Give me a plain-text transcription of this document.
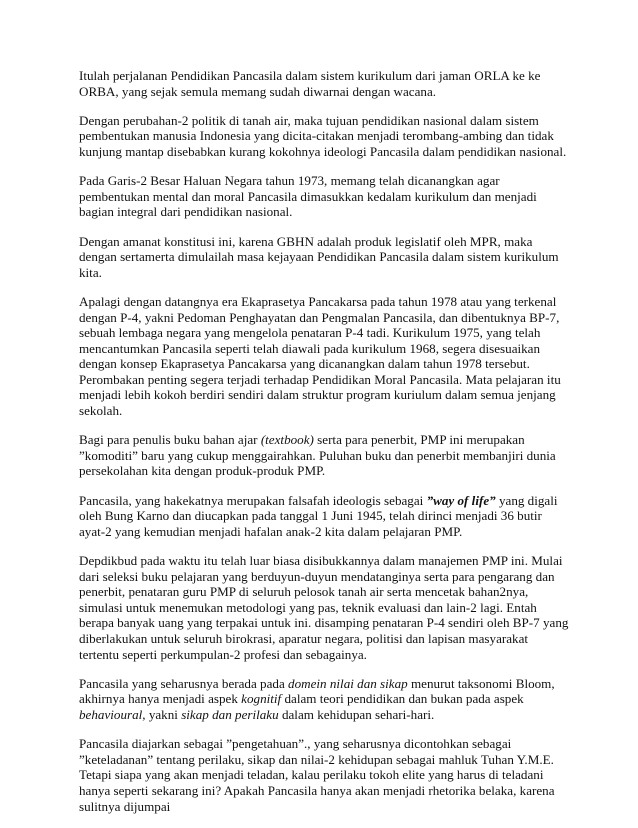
Itulah perjalanan Pendidikan Pancasila dalam sistem kurikulum dari jaman ORLA ke ke ORBA, yang sejak semula memang sudah diwarnai dengan wacana.

Dengan perubahan-2 politik di tanah air, maka tujuan pendidikan nasional dalam sistem pembentukan manusia Indonesia yang dicita-citakan menjadi terombang-ambing dan tidak kunjung mantap disebabkan kurang kokohnya ideologi Pancasila dalam pendidikan nasional.

Pada Garis-2 Besar Haluan Negara tahun 1973, memang telah dicanangkan agar pembentukan mental dan moral Pancasila dimasukkan kedalam kurikulum dan menjadi bagian integral dari pendidikan nasional.

Dengan amanat konstitusi ini, karena GBHN adalah produk legislatif oleh MPR, maka dengan sertamerta dimulailah masa kejayaan Pendidikan Pancasila dalam sistem kurikulum kita.

Apalagi dengan datangnya era Ekaprasetya Pancakarsa pada tahun 1978 atau yang terkenal dengan P-4, yakni Pedoman Penghayatan dan Pengmalan Pancasila, dan dibentuknya BP-7, sebuah lembaga negara yang mengelola penataran P-4 tadi. Kurikulum 1975, yang telah mencantumkan Pancasila seperti telah diawali pada kurikulum 1968, segera disesuaikan dengan konsep Ekaprasetya Pancakarsa yang dicanangkan dalam tahun 1978 tersebut. Perombakan penting segera terjadi terhadap Pendidikan Moral Pancasila. Mata pelajaran itu menjadi lebih kokoh berdiri sendiri dalam struktur program kuriulum dalam semua jenjang sekolah.

Bagi para penulis buku bahan ajar (textbook) serta para penerbit, PMP ini merupakan ”komoditi” baru yang cukup menggairahkan. Puluhan buku dan penerbit membanjiri dunia persekolahan kita dengan produk-produk PMP.

Pancasila, yang hakekatnya merupakan falsafah ideologis sebagai ”way of life” yang digali oleh Bung Karno dan diucapkan pada tanggal 1 Juni 1945, telah dirinci menjadi 36 butir ayat-2 yang kemudian menjadi hafalan anak-2 kita dalam pelajaran PMP.

Depdikbud pada waktu itu telah luar biasa disibukkannya dalam manajemen PMP ini. Mulai dari seleksi buku pelajaran yang berduyun-duyun mendatanginya serta para pengarang dan penerbit, penataran guru PMP di seluruh pelosok tanah air serta mencetak bahan2nya, simulasi untuk menemukan metodologi yang pas, teknik evaluasi dan lain-2 lagi. Entah berapa banyak uang yang terpakai untuk ini. disamping penataran P-4 sendiri oleh BP-7 yang diberlakukan untuk seluruh birokrasi, aparatur negara, politisi dan lapisan masyarakat tertentu seperti perkumpulan-2 profesi dan sebagainya.

Pancasila yang seharusnya berada pada domein nilai dan sikap menurut taksonomi Bloom, akhirnya hanya menjadi aspek kognitif dalam teori pendidikan dan bukan pada aspek behavioural, yakni sikap dan perilaku dalam kehidupan sehari-hari.

Pancasila diajarkan sebagai ”pengetahuan”., yang seharusnya dicontohkan sebagai ”keteladanan” tentang perilaku, sikap dan nilai-2 kehidupan sebagai mahluk Tuhan Y.M.E. Tetapi siapa yang akan menjadi teladan, kalau perilaku tokoh elite yang harus di teladani hanya seperti sekarang ini? Apakah Pancasila hanya akan menjadi rhetorika belaka, karena sulitnya dijumpai
